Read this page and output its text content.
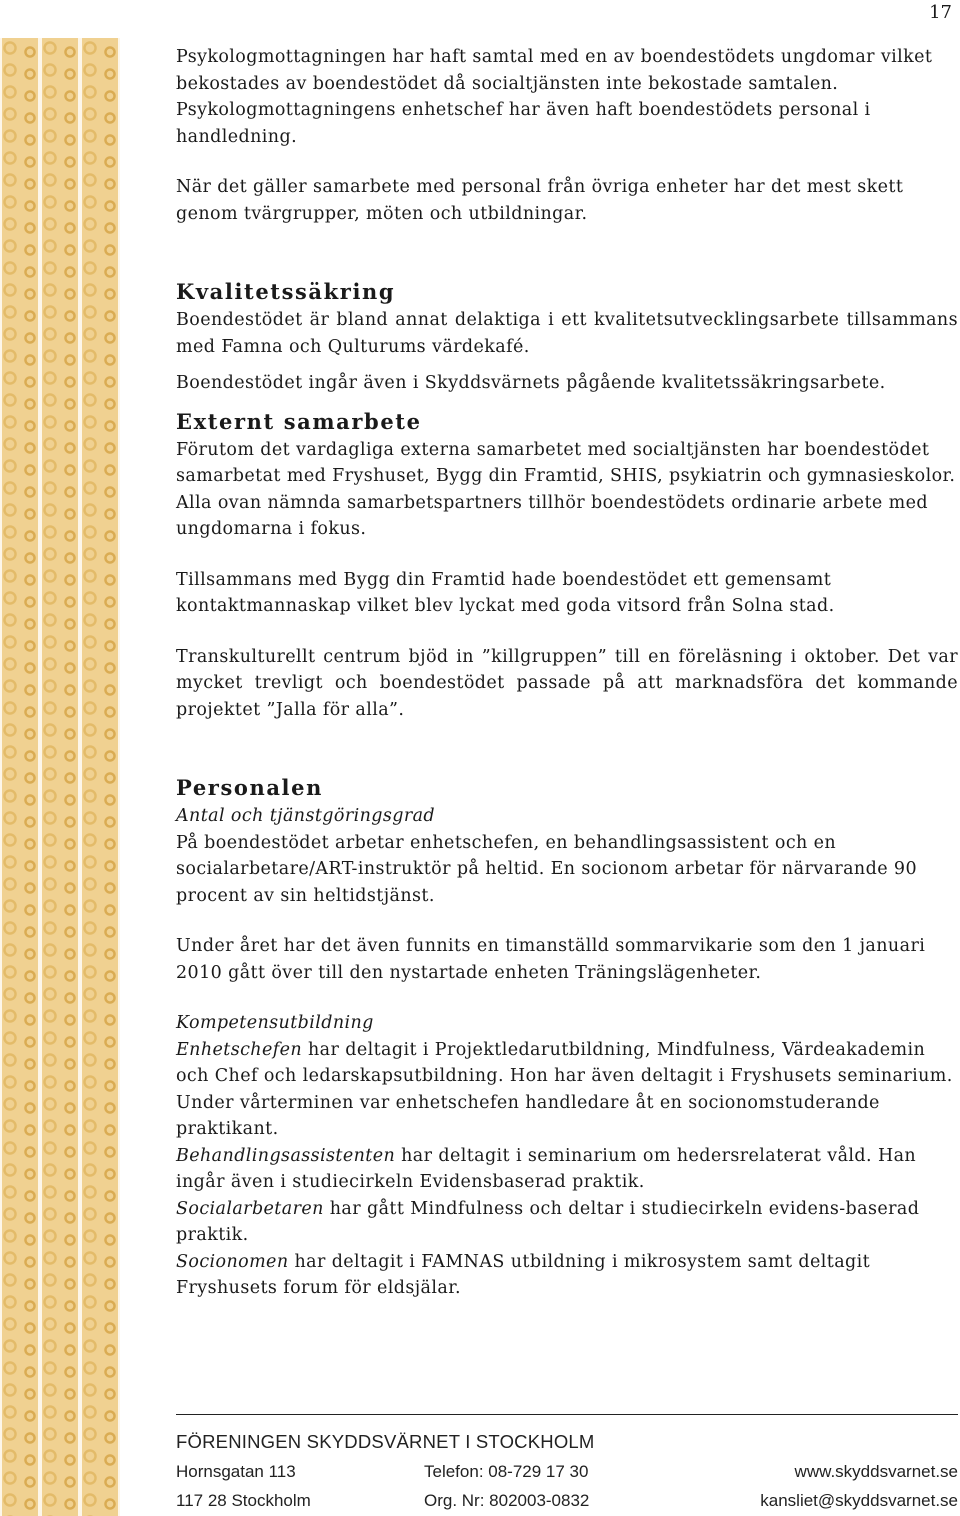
17

Psykologmottagningen har haft samtal med en av boendestödets ungdomar vilket bekostades av boendestödet då socialtjänsten inte bekostade samtalen. Psykologmottagningens enhetschef har även haft boendestödets personal i handledning.

När det gäller samarbete med personal från övriga enheter har det mest skett genom tvärgrupper, möten och utbildningar.

Kvalitetssäkring

Boendestödet är bland annat delaktiga i ett kvalitetsutvecklingsarbete tillsammans med Famna och Qulturums värdekafé.

Boendestödet ingår även i Skyddsvärnets pågående kvalitetssäkringsarbete.

Externt samarbete

Förutom det vardagliga externa samarbetet med socialtjänsten har boendestödet samarbetat med Fryshuset, Bygg din Framtid, SHIS, psykiatrin och gymnasieskolor. Alla ovan nämnda samarbetspartners tillhör boendestödets ordinarie arbete med ungdomarna i fokus.

Tillsammans med Bygg din Framtid hade boendestödet ett gemensamt kontaktmannaskap vilket blev lyckat med goda vitsord från Solna stad.

Transkulturellt centrum bjöd in ”killgruppen” till en föreläsning i oktober. Det var mycket trevligt och boendestödet passade på att marknadsföra det kommande projektet ”Jalla för alla”.

Personalen

Antal och tjänstgöringsgrad

På boendestödet arbetar enhetschefen, en behandlingsassistent och en socialarbetare/ART-instruktör på heltid. En socionom arbetar för närvarande 90 procent av sin heltidstjänst.

Under året har det även funnits en timanställd sommarvikarie som den 1 januari 2010 gått över till den nystartade enheten Träningslägenheter.

Kompetensutbildning

Enhetschefen har deltagit i Projektledarutbildning, Mindfulness, Värdeakademin och Chef och ledarskapsutbildning. Hon har även deltagit i Fryshusets seminarium. Under vårterminen var enhetschefen handledare åt en socionomstuderande praktikant.

Behandlingsassistenten har deltagit i seminarium om hedersrelaterat våld. Han ingår även i studiecirkeln Evidensbaserad praktik.

Socialarbetaren har gått Mindfulness och deltar i studiecirkeln evidens-baserad praktik.

Socionomen har deltagit i FAMNAS utbildning i mikrosystem samt deltagit Fryshusets forum för eldsjälar.

FÖRENINGEN SKYDDSVÄRNET I STOCKHOLM
Hornsgatan 113	Telefon: 08-729 17 30	www.skyddsvarnet.se
117 28 Stockholm	Org. Nr: 802003-0832	kansliet@skyddsvarnet.se
